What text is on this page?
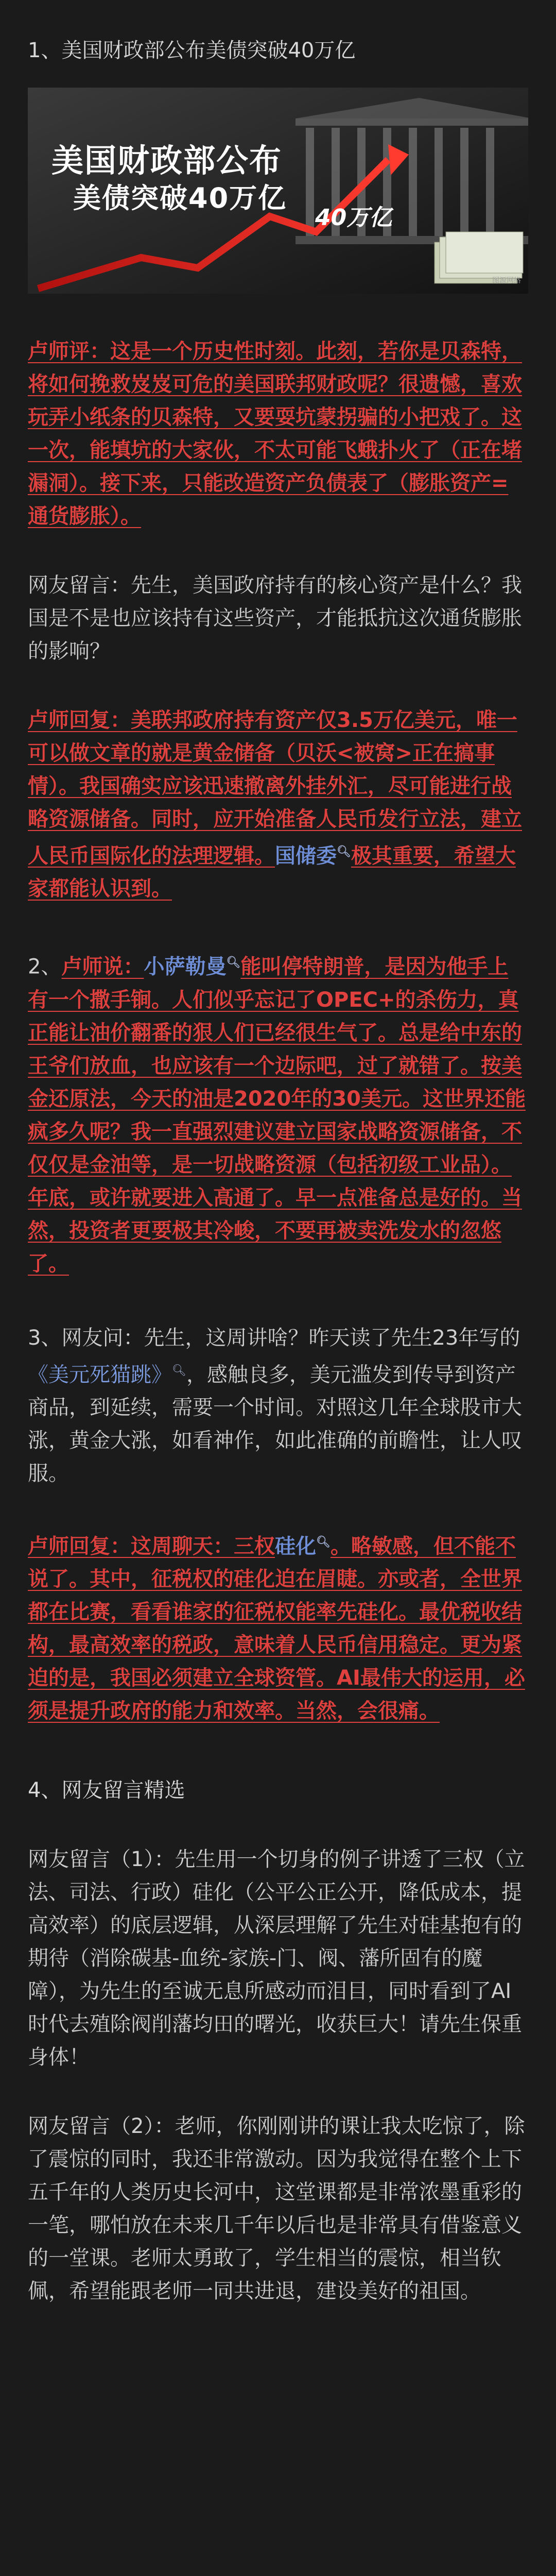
1、美国财政部公布美债突破40万亿
美国财政部公布
美债突破40万亿
40万亿
图源网络
卢师评：这是一个历史性时刻。此刻，若你是贝森特，将如何挽救岌岌可危的美国联邦财政呢？很遗憾，喜欢玩弄小纸条的贝森特，又要耍坑蒙拐骗的小把戏了。这一次，能填坑的大家伙，不太可能飞蛾扑火了（正在堵漏洞）。接下来，只能改造资产负债表了（膨胀资产=通货膨胀）。
网友留言：先生，美国政府持有的核心资产是什么？我国是不是也应该持有这些资产，才能抵抗这次通货膨胀的影响？
卢师回复：美联邦政府持有资产仅3.5万亿美元，唯一可以做文章的就是黄金储备（贝沃<被窝>正在搞事情）。我国确实应该迅速撤离外挂外汇，尽可能进行战略资源储备。同时，应开始准备人民币发行立法，建立人民币国际化的法理逻辑。国储委🔍︎极其重要，希望大家都能认识到。
2、卢师说：小萨勒曼🔍︎能叫停特朗普，是因为他手上有一个撒手锏。人们似乎忘记了OPEC+的杀伤力，真正能让油价翻番的狠人们已经很生气了。总是给中东的王爷们放血，也应该有一个边际吧，过了就错了。按美金还原法，今天的油是2020年的30美元。这世界还能疯多久呢？我一直强烈建议建立国家战略资源储备，不仅仅是金油等，是一切战略资源（包括初级工业品）。年底，或许就要进入高通了。早一点准备总是好的。当然，投资者更要极其冷峻，不要再被卖洗发水的忽悠了。
3、网友问：先生，这周讲啥？昨天读了先生23年写的《美元死猫跳》🔍︎，感触良多，美元滥发到传导到资产商品，到延续，需要一个时间。对照这几年全球股市大涨，黄金大涨，如看神作，如此准确的前瞻性，让人叹服。
卢师回复：这周聊天：三权硅化🔍︎。略敏感，但不能不说了。其中，征税权的硅化迫在眉睫。亦或者，全世界都在比赛，看看谁家的征税权能率先硅化。最优税收结构，最高效率的税政，意味着人民币信用稳定。更为紧迫的是，我国必须建立全球资管。AI最伟大的运用，必须是提升政府的能力和效率。当然，会很痛。
4、网友留言精选
网友留言（1）：先生用一个切身的例子讲透了三权（立法、司法、行政）硅化（公平公正公开，降低成本，提高效率）的底层逻辑，从深层理解了先生对硅基抱有的期待（消除碳基-血统-家族-门、阀、藩所固有的魔障），为先生的至诚无息所感动而泪目，同时看到了AI时代去殖除阀削藩均田的曙光，收获巨大！请先生保重身体！
网友留言（2）：老师，你刚刚讲的课让我太吃惊了，除了震惊的同时，我还非常激动。因为我觉得在整个上下五千年的人类历史长河中，这堂课都是非常浓墨重彩的一笔，哪怕放在未来几千年以后也是非常具有借鉴意义的一堂课。老师太勇敢了，学生相当的震惊，相当钦佩，希望能跟老师一同共进退，建设美好的祖国。
